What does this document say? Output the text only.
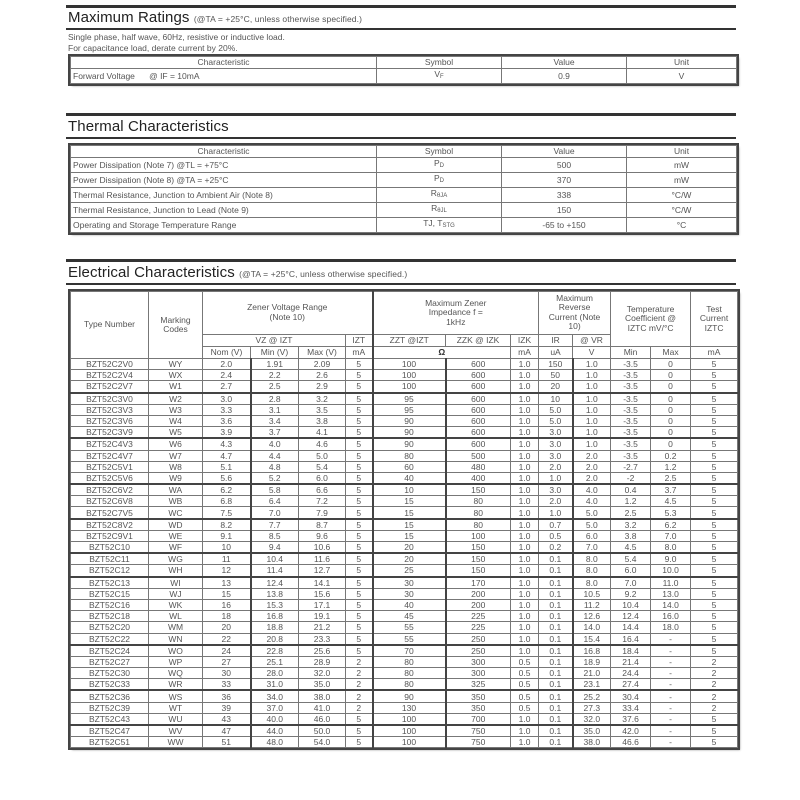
Maximum Ratings (@TA = +25°C, unless otherwise specified.)
Single phase, half wave, 60Hz, resistive or inductive load.
For capacitance load, derate current by 20%.
Characteristic	Symbol	Value	Unit
Forward Voltage @ IF = 10mA	$V_F$	0.9	V
Thermal Characteristics
Characteristic	Symbol	Value	Unit
Power Dissipation (Note 7) @TL = +75°C	$P_D$	500	mW
Power Dissipation (Note 8) @TA = +25°C	$P_D$	370	mW
Thermal Resistance, Junction to Ambient Air (Note 8)	$R_{\theta JA}$	338	°C/W
Thermal Resistance, Junction to Lead (Note 9)	$R_{\theta JL}$	150	°C/W
Operating and Storage Temperature Range	TJ, $T_{STG}$	-65 to +150	°C
Electrical Characteristics (@TA = +25°C, unless otherwise specified.)
Type Number	Marking Codes	Zener Voltage Range (Note 10)				Maximum Zener Impedance f = 1kHz			Maximum Reverse Current (Note 10)		Temperature Coefficient @ IZTC mV/°C		Test Current IZTC
		VZ @ IZT			IZT	ZZT @IZT	ZZK @ IZK	IZK	IR	@ VR			
		Nom (V)	Min (V)	Max (V)	mA	Ω		mA	uA	V	Min	Max	mA
BZT52C2V0	WY	2.0	1.91	2.09	5	100	600	1.0	150	1.0	-3.5	0	5
BZT52C2V4	WX	2.4	2.2	2.6	5	100	600	1.0	50	1.0	-3.5	0	5
BZT52C2V7	W1	2.7	2.5	2.9	5	100	600	1.0	20	1.0	-3.5	0	5
BZT52C3V0	W2	3.0	2.8	3.2	5	95	600	1.0	10	1.0	-3.5	0	5
BZT52C3V3	W3	3.3	3.1	3.5	5	95	600	1.0	5.0	1.0	-3.5	0	5
BZT52C3V6	W4	3.6	3.4	3.8	5	90	600	1.0	5.0	1.0	-3.5	0	5
BZT52C3V9	W5	3.9	3.7	4.1	5	90	600	1.0	3.0	1.0	-3.5	0	5
BZT52C4V3	W6	4.3	4.0	4.6	5	90	600	1.0	3.0	1.0	-3.5	0	5
BZT52C4V7	W7	4.7	4.4	5.0	5	80	500	1.0	3.0	2.0	-3.5	0.2	5
BZT52C5V1	W8	5.1	4.8	5.4	5	60	480	1.0	2.0	2.0	-2.7	1.2	5
BZT52C5V6	W9	5.6	5.2	6.0	5	40	400	1.0	1.0	2.0	-2	2.5	5
BZT52C6V2	WA	6.2	5.8	6.6	5	10	150	1.0	3.0	4.0	0.4	3.7	5
BZT52C6V8	WB	6.8	6.4	7.2	5	15	80	1.0	2.0	4.0	1.2	4.5	5
BZT52C7V5	WC	7.5	7.0	7.9	5	15	80	1.0	1.0	5.0	2.5	5.3	5
BZT52C8V2	WD	8.2	7.7	8.7	5	15	80	1.0	0.7	5.0	3.2	6.2	5
BZT52C9V1	WE	9.1	8.5	9.6	5	15	100	1.0	0.5	6.0	3.8	7.0	5
BZT52C10	WF	10	9.4	10.6	5	20	150	1.0	0.2	7.0	4.5	8.0	5
BZT52C11	WG	11	10.4	11.6	5	20	150	1.0	0.1	8.0	5.4	9.0	5
BZT52C12	WH	12	11.4	12.7	5	25	150	1.0	0.1	8.0	6.0	10.0	5
BZT52C13	WI	13	12.4	14.1	5	30	170	1.0	0.1	8.0	7.0	11.0	5
BZT52C15	WJ	15	13.8	15.6	5	30	200	1.0	0.1	10.5	9.2	13.0	5
BZT52C16	WK	16	15.3	17.1	5	40	200	1.0	0.1	11.2	10.4	14.0	5
BZT52C18	WL	18	16.8	19.1	5	45	225	1.0	0.1	12.6	12.4	16.0	5
BZT52C20	WM	20	18.8	21.2	5	55	225	1.0	0.1	14.0	14.4	18.0	5
BZT52C22	WN	22	20.8	23.3	5	55	250	1.0	0.1	15.4	16.4	-	5
BZT52C24	WO	24	22.8	25.6	5	70	250	1.0	0.1	16.8	18.4	-	5
BZT52C27	WP	27	25.1	28.9	2	80	300	0.5	0.1	18.9	21.4	-	2
BZT52C30	WQ	30	28.0	32.0	2	80	300	0.5	0.1	21.0	24.4	-	2
BZT52C33	WR	33	31.0	35.0	2	80	325	0.5	0.1	23.1	27.4	-	2
BZT52C36	WS	36	34.0	38.0	2	90	350	0.5	0.1	25.2	30.4	-	2
BZT52C39	WT	39	37.0	41.0	2	130	350	0.5	0.1	27.3	33.4	-	2
BZT52C43	WU	43	40.0	46.0	5	100	700	1.0	0.1	32.0	37.6	-	5
BZT52C47	WV	47	44.0	50.0	5	100	750	1.0	0.1	35.0	42.0	-	5
BZT52C51	WW	51	48.0	54.0	5	100	750	1.0	0.1	38.0	46.6	-	5
